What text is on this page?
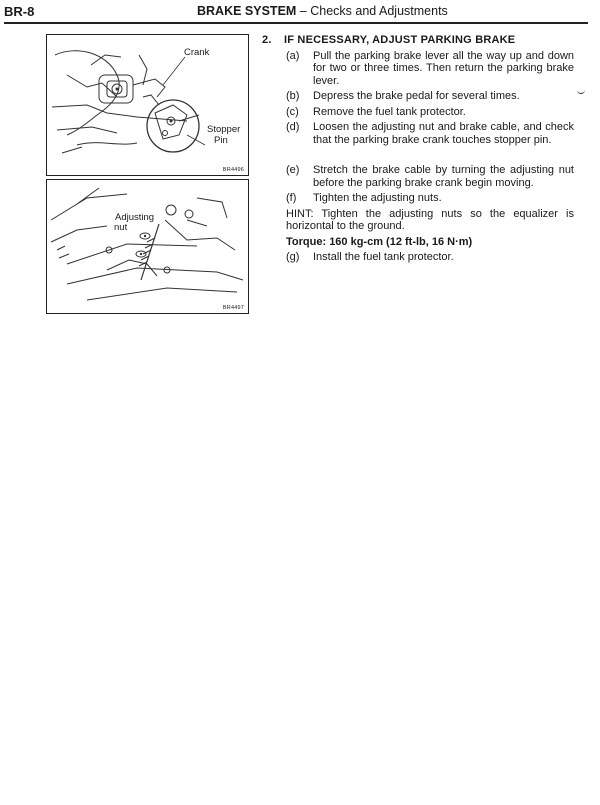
BR-8	BRAKE SYSTEM – Checks and Adjustments
Crank
Stopper
Pin
BR4496
Adjusting
nut
BR4497
2. IF NECESSARY, ADJUST PARKING BRAKE
(a) Pull the parking brake lever all the way up and down for two or three times. Then return the parking brake lever.
(b) Depress the brake pedal for several times.
(c) Remove the fuel tank protector.
(d) Loosen the adjusting nut and brake cable, and check that the parking brake crank touches stopper pin.
(e) Stretch the brake cable by turning the adjusting nut before the parking brake crank begin moving.
(f) Tighten the adjusting nuts.
HINT: Tighten the adjusting nuts so the equalizer is horizontal to the ground.
Torque: 160 kg-cm (12 ft-lb, 16 N·m)
(g) Install the fuel tank protector.
